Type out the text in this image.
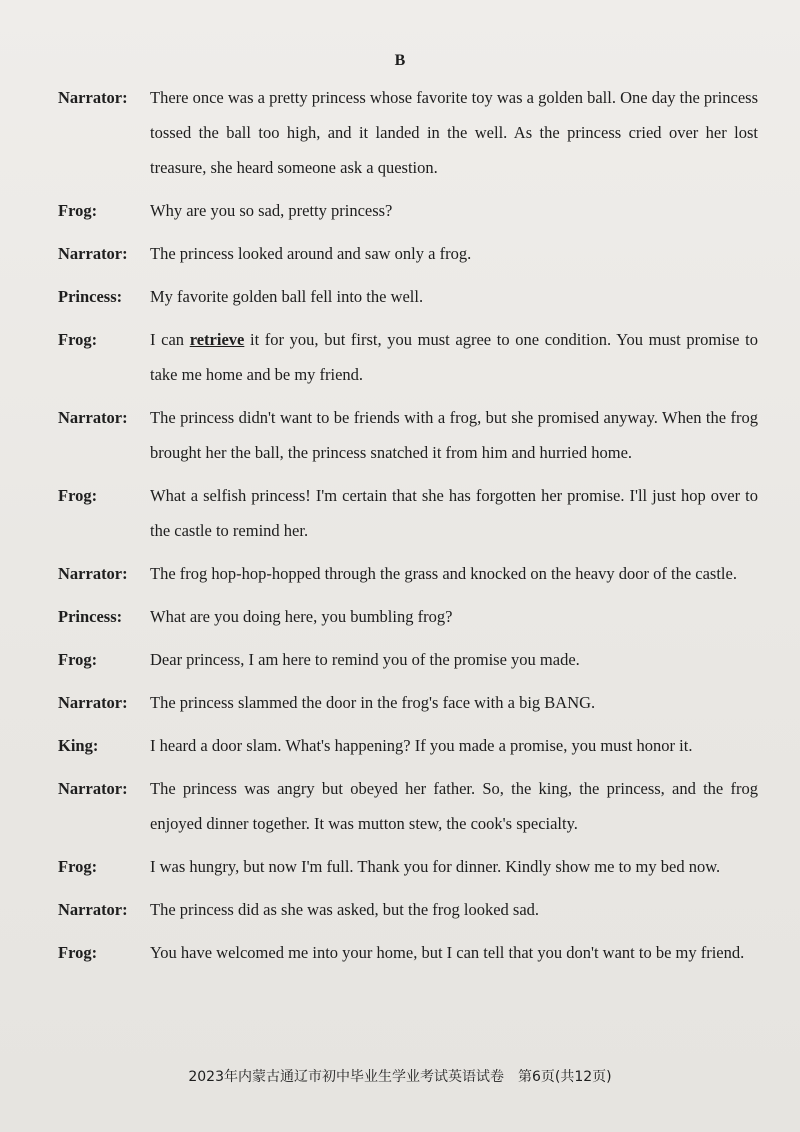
B
Narrator:	There once was a pretty princess whose favorite toy was a golden ball. One day the princess tossed the ball too high, and it landed in the well. As the princess cried over her lost treasure, she heard someone ask a question.
Frog:	Why are you so sad, pretty princess?
Narrator:	The princess looked around and saw only a frog.
Princess:	My favorite golden ball fell into the well.
Frog:	I can retrieve it for you, but first, you must agree to one condition. You must promise to take me home and be my friend.
Narrator:	The princess didn't want to be friends with a frog, but she promised anyway. When the frog brought her the ball, the princess snatched it from him and hurried home.
Frog:	What a selfish princess! I'm certain that she has forgotten her promise. I'll just hop over to the castle to remind her.
Narrator:	The frog hop-hop-hopped through the grass and knocked on the heavy door of the castle.
Princess:	What are you doing here, you bumbling frog?
Frog:	Dear princess, I am here to remind you of the promise you made.
Narrator:	The princess slammed the door in the frog's face with a big BANG.
King:	I heard a door slam. What's happening? If you made a promise, you must honor it.
Narrator:	The princess was angry but obeyed her father. So, the king, the princess, and the frog enjoyed dinner together. It was mutton stew, the cook's specialty.
Frog:	I was hungry, but now I'm full. Thank you for dinner. Kindly show me to my bed now.
Narrator:	The princess did as she was asked, but the frog looked sad.
Frog:	You have welcomed me into your home, but I can tell that you don't want to be my friend.
2023年内蒙古通辽市初中毕业生学业考试英语试卷　第6页(共12页)
